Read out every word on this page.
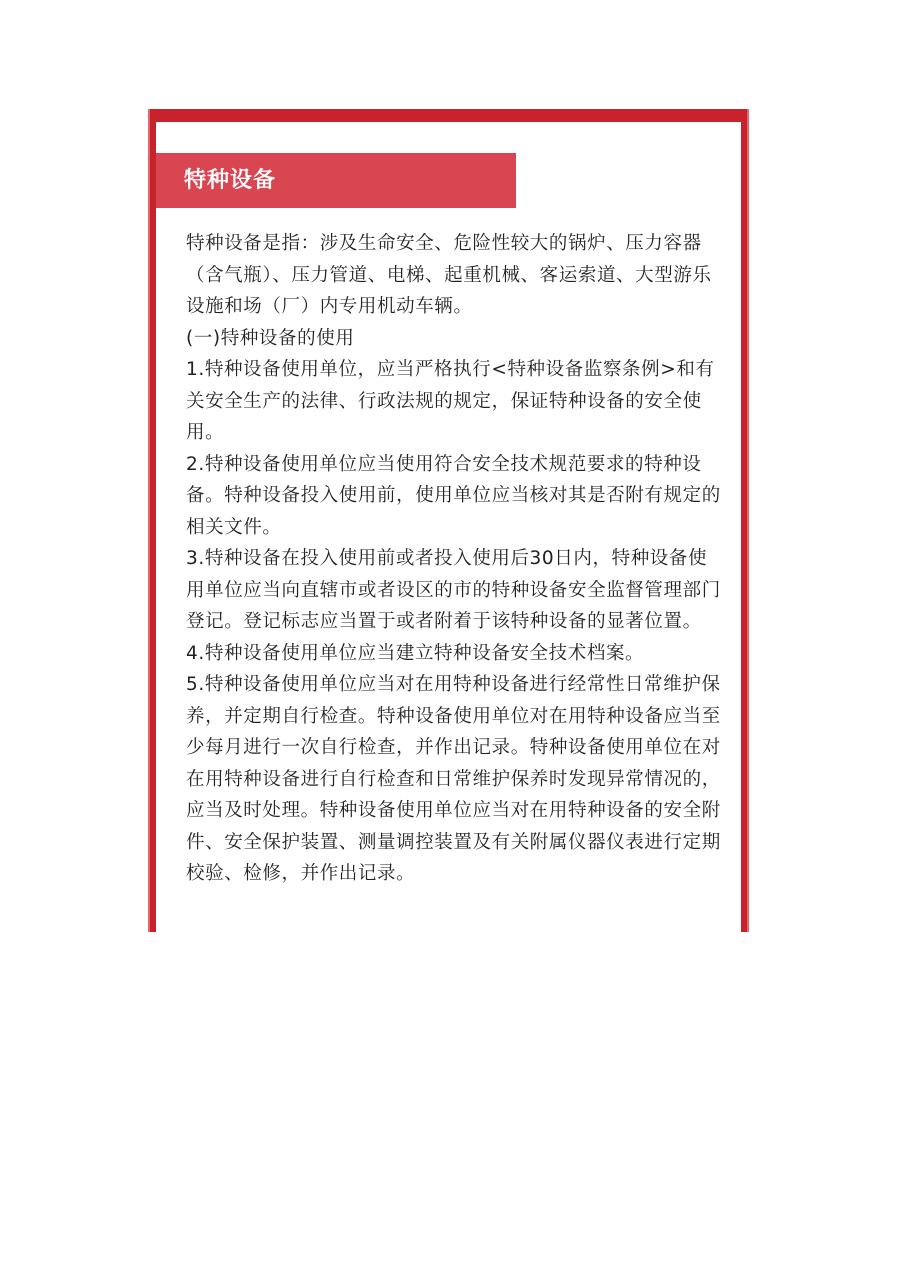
特种设备

特种设备是指：涉及生命安全、危险性较大的锅炉、压力容器（含气瓶）、压力管道、电梯、起重机械、客运索道、大型游乐设施和场（厂）内专用机动车辆。

(一)特种设备的使用

1.特种设备使用单位，应当严格执行<特种设备监察条例>和有关安全生产的法律、行政法规的规定，保证特种设备的安全使用。

2.特种设备使用单位应当使用符合安全技术规范要求的特种设备。特种设备投入使用前，使用单位应当核对其是否附有规定的相关文件。

3.特种设备在投入使用前或者投入使用后30日内，特种设备使用单位应当向直辖市或者设区的市的特种设备安全监督管理部门登记。登记标志应当置于或者附着于该特种设备的显著位置。

4.特种设备使用单位应当建立特种设备安全技术档案。

5.特种设备使用单位应当对在用特种设备进行经常性日常维护保养，并定期自行检查。特种设备使用单位对在用特种设备应当至少每月进行一次自行检查，并作出记录。特种设备使用单位在对在用特种设备进行自行检查和日常维护保养时发现异常情况的，应当及时处理。特种设备使用单位应当对在用特种设备的安全附件、安全保护装置、测量调控装置及有关附属仪器仪表进行定期校验、检修，并作出记录。
